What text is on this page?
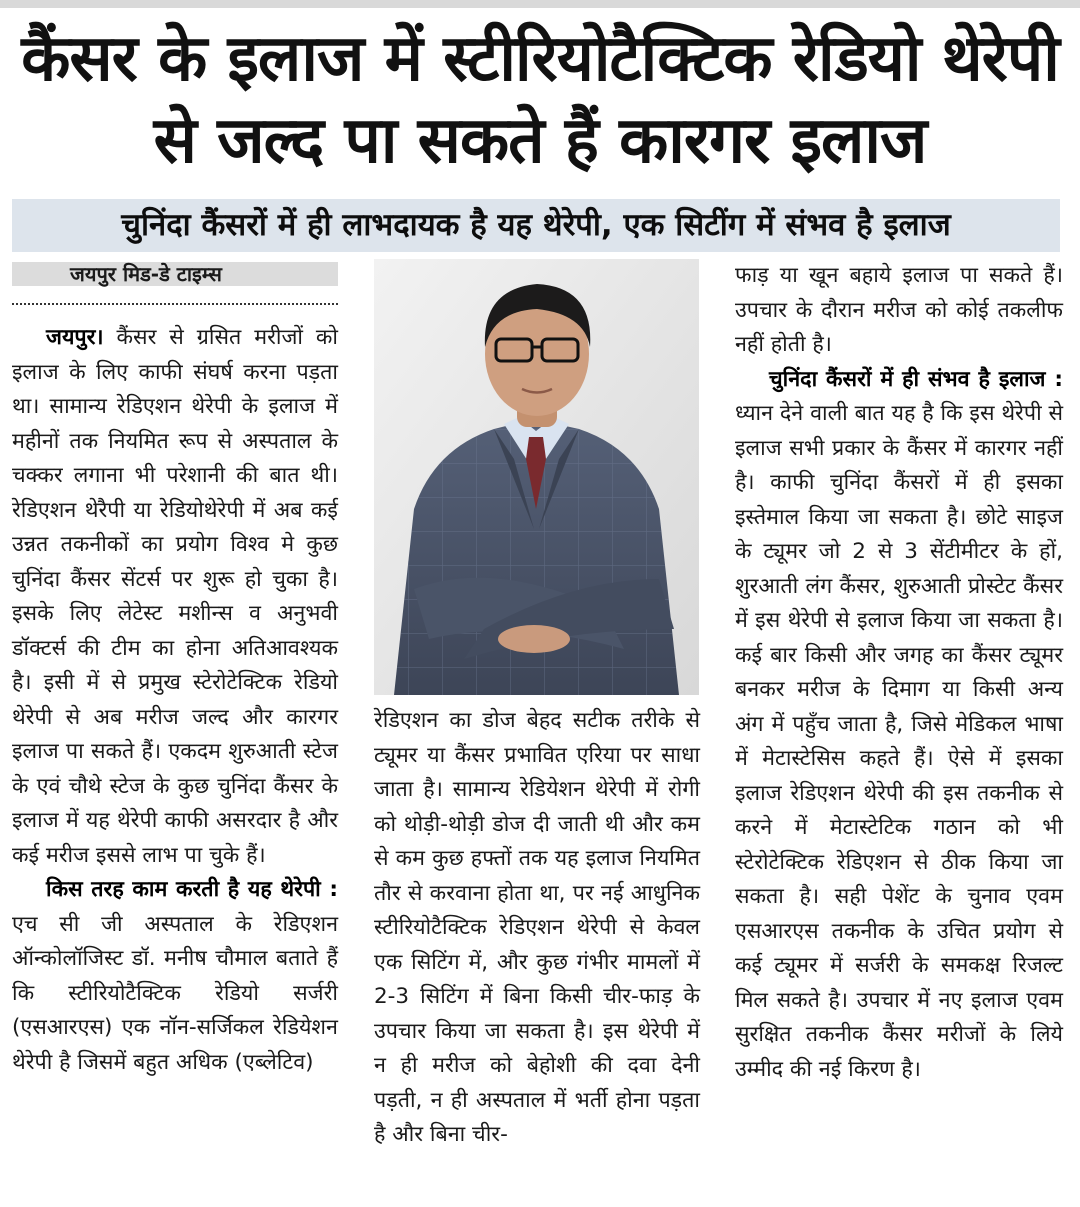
कैंसर के इलाज में स्टीरियोटैक्टिक रेडियो थेरेपी से जल्द पा सकते हैं कारगर इलाज
चुनिंदा कैंसरों में ही लाभदायक है यह थेरेपी, एक सिटींग में संभव है इलाज
जयपुर मिड-डे टाइम्स

जयपुर। कैंसर से ग्रसित मरीजों को इलाज के लिए काफी संघर्ष करना पड़ता था। सामान्य रेडिएशन थेरेपी के इलाज में महीनों तक नियमित रूप से अस्पताल के चक्कर लगाना भी परेशानी की बात थी। रेडिएशन थेरैपी या रेडियोथेरेपी में अब कई उन्नत तकनीकों का प्रयोग विश्व मे कुछ चुनिंदा कैंसर सेंटर्स पर शुरू हो चुका है। इसके लिए लेटेस्ट मशीन्स व अनुभवी डॉक्टर्स की टीम का होना अतिआवश्यक है। इसी में से प्रमुख स्टेरोटेक्टिक रेडियो थेरेपी से अब मरीज जल्द और कारगर इलाज पा सकते हैं। एकदम शुरुआती स्टेज के एवं चौथे स्टेज के कुछ चुनिंदा कैंसर के इलाज में यह थेरेपी काफी असरदार है और कई मरीज इससे लाभ पा चुके हैं।

किस तरह काम करती है यह थेरेपी : एच सी जी अस्पताल के रेडिएशन ऑन्कोलॉजिस्ट डॉ. मनीष चौमाल बताते हैं कि स्टीरियोटैक्टिक रेडियो सर्जरी (एसआरएस) एक नॉन-सर्जिकल रेडियेशन थेरेपी है जिसमें बहुत अधिक (एब्लेटिव)

रेडिएशन का डोज बेहद सटीक तरीके से ट्यूमर या कैंसर प्रभावित एरिया पर साधा जाता है। सामान्य रेडियेशन थेरेपी में रोगी को थोड़ी-थोड़ी डोज दी जाती थी और कम से कम कुछ हफ्तों तक यह इलाज नियमित तौर से करवाना होता था, पर नई आधुनिक स्टीरियोटैक्टिक रेडिएशन थेरेपी से केवल एक सिटिंग में, और कुछ गंभीर मामलों में 2-3 सिटिंग में बिना किसी चीर-फाड़ के उपचार किया जा सकता है। इस थेरेपी में न ही मरीज को बेहोशी की दवा देनी पड़ती, न ही अस्पताल में भर्ती होना पड़ता है और बिना चीर-

फाड़ या खून बहाये इलाज पा सकते हैं। उपचार के दौरान मरीज को कोई तकलीफ नहीं होती है।

चुनिंदा कैंसरों में ही संभव है इलाज : ध्यान देने वाली बात यह है कि इस थेरेपी से इलाज सभी प्रकार के कैंसर में कारगर नहीं है। काफी चुनिंदा कैंसरों में ही इसका इस्तेमाल किया जा सकता है। छोटे साइज के ट्यूमर जो 2 से 3 सेंटीमीटर के हों, शुरआती लंग कैंसर, शुरुआती प्रोस्टेट कैंसर में इस थेरेपी से इलाज किया जा सकता है। कई बार किसी और जगह का कैंसर ट्यूमर बनकर मरीज के दिमाग या किसी अन्य अंग में पहुँच जाता है, जिसे मेडिकल भाषा में मेटास्टेसिस कहते हैं। ऐसे में इसका इलाज रेडिएशन थेरेपी की इस तकनीक से करने में मेटास्टेटिक गठान को भी स्टेरोटेक्टिक रेडिएशन से ठीक किया जा सकता है। सही पेशेंट के चुनाव एवम एसआरएस तकनीक के उचित प्रयोग से कई ट्यूमर में सर्जरी के समकक्ष रिजल्ट मिल सकते है। उपचार में नए इलाज एवम सुरक्षित तकनीक कैंसर मरीजों के लिये उम्मीद की नई किरण है।
